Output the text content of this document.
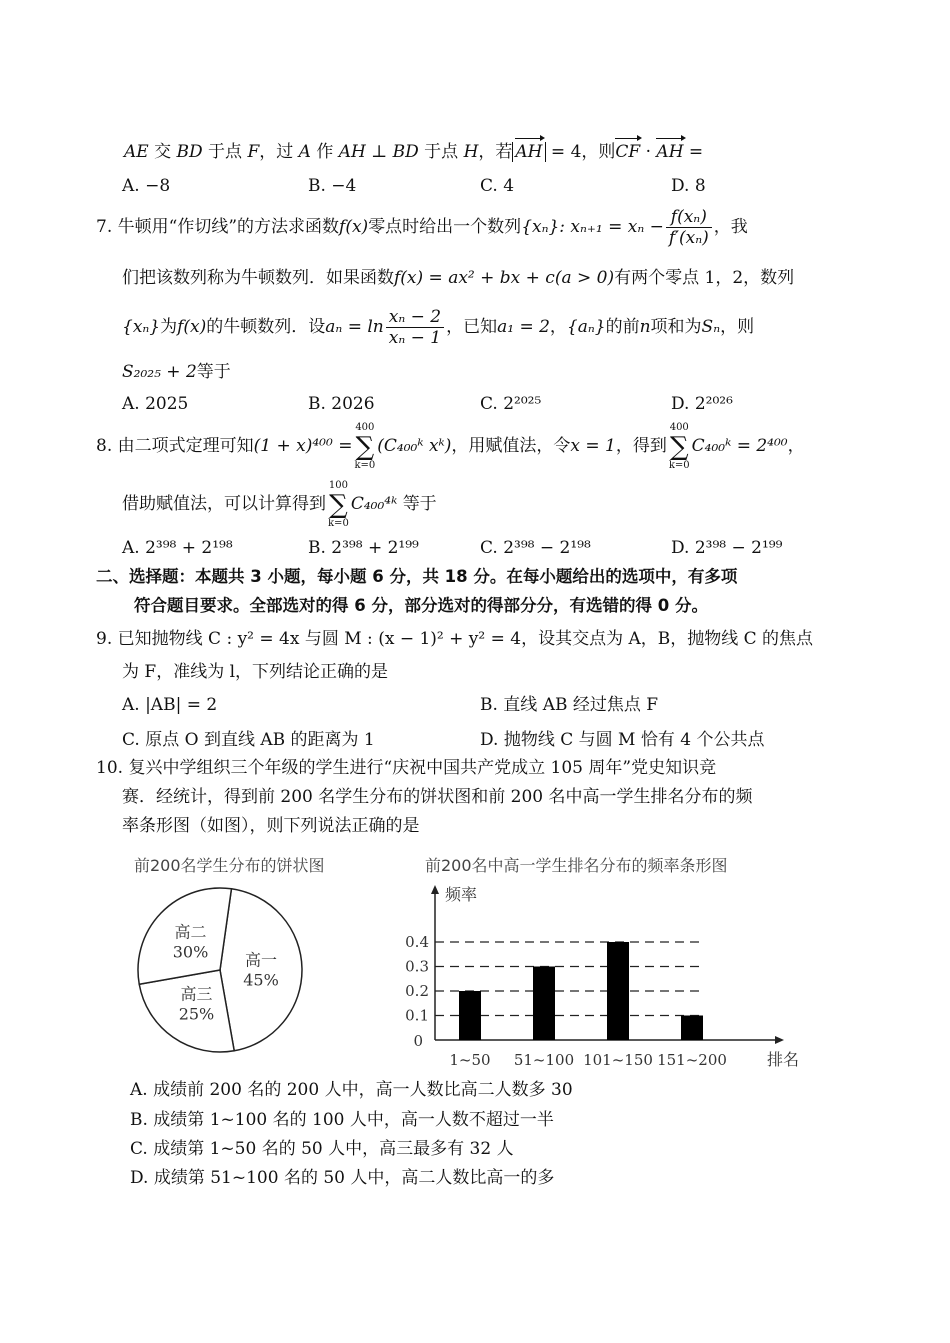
AE 交 BD 于点 F，过 A 作 AH ⊥ BD 于点 H，若 AH = 4，则CF · AH =
A. −8	B. −4	C. 4	D. 8
7. 牛顿用“作切线”的方法求函数f(x)零点时给出一个数列{xₙ}: $x_{n+1} = x_n - \frac{\text{f(xₙ)}}{\text{f′(xₙ)}}$ ，我
们把该数列称为牛顿数列．如果函数f(x) = ax² + bx + c(a > 0)有两个零点 1，2，数列
{xₙ}为f(x)的牛顿数列．设$a_n = \ln \frac{\text{xₙ − 2}}{\text{xₙ − 1}}$ ，已知a₁ = 2，{aₙ}的前n项和为Sₙ，则
S₂₀₂₅ + 2等于
A. 2025	B. 2026	C. 2²⁰²⁵	D. 2²⁰²⁶
8. 由二项式定理可知(1 + x)⁴⁰⁰ =
400
∑
k=0
(C₄₀₀ᵏ xᵏ)，用赋值法，令x = 1，得到
400
∑
k=0
C₄₀₀ᵏ = 2⁴⁰⁰，
借助赋值法，可以计算得到
100
∑
k=0
C₄₀₀⁴ᵏ 等于
A. 2³⁹⁸ + 2¹⁹⁸	B. 2³⁹⁸ + 2¹⁹⁹	C. 2³⁹⁸ − 2¹⁹⁸	D. 2³⁹⁸ − 2¹⁹⁹
二、选择题：本题共 3 小题，每小题 6 分，共 18 分。在每小题给出的选项中，有多项
符合题目要求。全部选对的得 6 分，部分选对的得部分分，有选错的得 0 分。
9. 已知抛物线 C : y² = 4x 与圆 M : (x − 1)² + y² = 4，设其交点为 A，B，抛物线 C 的焦点
为 F，准线为 l，下列结论正确的是
A. |AB| = 2	B. 直线 AB 经过焦点 F
C. 原点 O 到直线 AB 的距离为 1	D. 抛物线 C 与圆 M 恰有 4 个公共点
10. 复兴中学组织三个年级的学生进行“庆祝中国共产党成立 105 周年”党史知识竞
赛．经统计，得到前 200 名学生分布的饼状图和前 200 名中高一学生排名分布的频
率条形图（如图），则下列说法正确的是
前200名学生分布的饼状图
高一
45%
高三
25%
高二
30%
前200名中高一学生排名分布的频率条形图
0.1
0.2
0.3
0.4
0
频率
排名
1~50 51~100 101~150 151~200
A. 成绩前 200 名的 200 人中，高一人数比高二人数多 30
B. 成绩第 1~100 名的 100 人中，高一人数不超过一半
C. 成绩第 1~50 名的 50 人中，高三最多有 32 人
D. 成绩第 51~100 名的 50 人中，高二人数比高一的多
